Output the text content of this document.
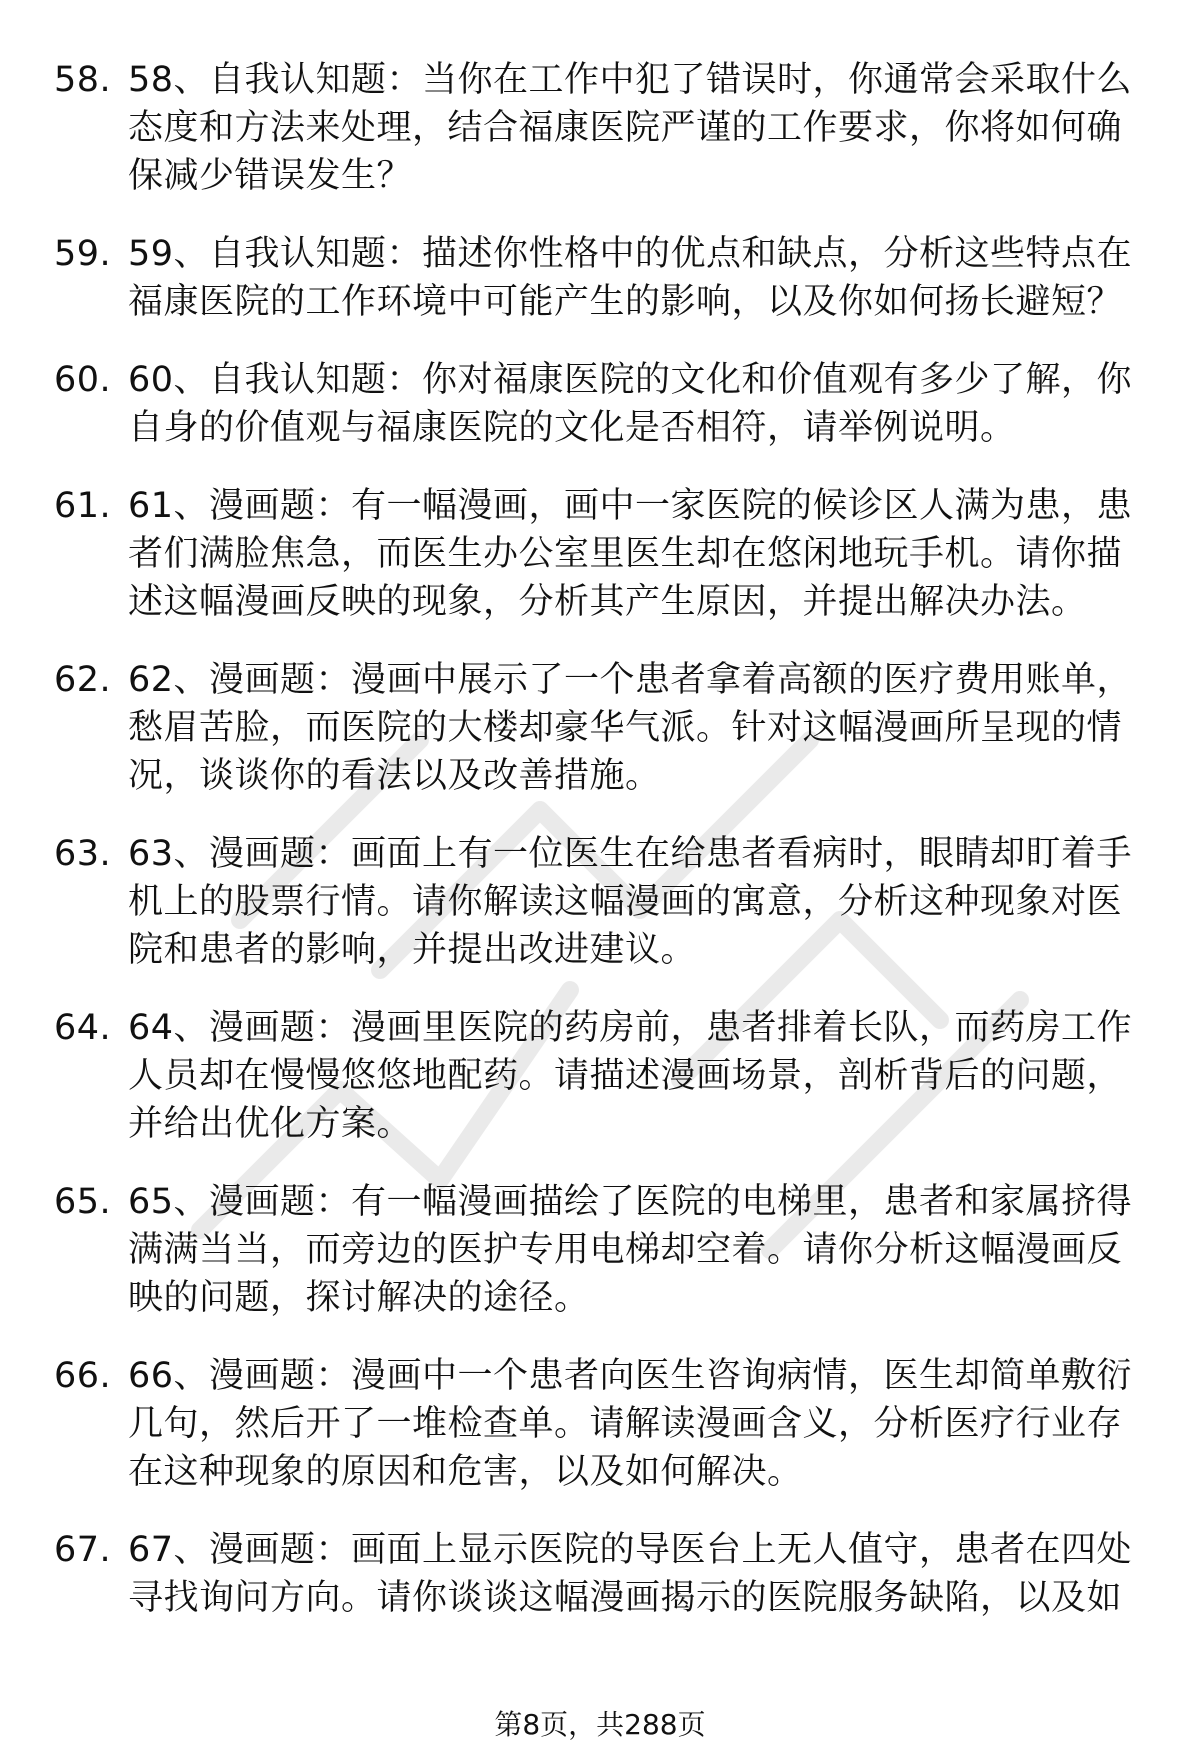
58. 58、自我认知题：当你在工作中犯了错误时，你通常会采取什么态度和方法来处理，结合福康医院严谨的工作要求，你将如何确保减少错误发生？
59. 59、自我认知题：描述你性格中的优点和缺点，分析这些特点在福康医院的工作环境中可能产生的影响，以及你如何扬长避短？
60. 60、自我认知题：你对福康医院的文化和价值观有多少了解，你自身的价值观与福康医院的文化是否相符，请举例说明。
61. 61、漫画题：有一幅漫画，画中一家医院的候诊区人满为患，患者们满脸焦急，而医生办公室里医生却在悠闲地玩手机。请你描述这幅漫画反映的现象，分析其产生原因，并提出解决办法。
62. 62、漫画题：漫画中展示了一个患者拿着高额的医疗费用账单，愁眉苦脸，而医院的大楼却豪华气派。针对这幅漫画所呈现的情况，谈谈你的看法以及改善措施。
63. 63、漫画题：画面上有一位医生在给患者看病时，眼睛却盯着手机上的股票行情。请你解读这幅漫画的寓意，分析这种现象对医院和患者的影响，并提出改进建议。
64. 64、漫画题：漫画里医院的药房前，患者排着长队，而药房工作人员却在慢慢悠悠地配药。请描述漫画场景，剖析背后的问题，并给出优化方案。
65. 65、漫画题：有一幅漫画描绘了医院的电梯里，患者和家属挤得满满当当，而旁边的医护专用电梯却空着。请你分析这幅漫画反映的问题，探讨解决的途径。
66. 66、漫画题：漫画中一个患者向医生咨询病情，医生却简单敷衍几句，然后开了一堆检查单。请解读漫画含义，分析医疗行业存在这种现象的原因和危害，以及如何解决。
67. 67、漫画题：画面上显示医院的导医台上无人值守，患者在四处寻找询问方向。请你谈谈这幅漫画揭示的医院服务缺陷，以及如
第8页，共288页
